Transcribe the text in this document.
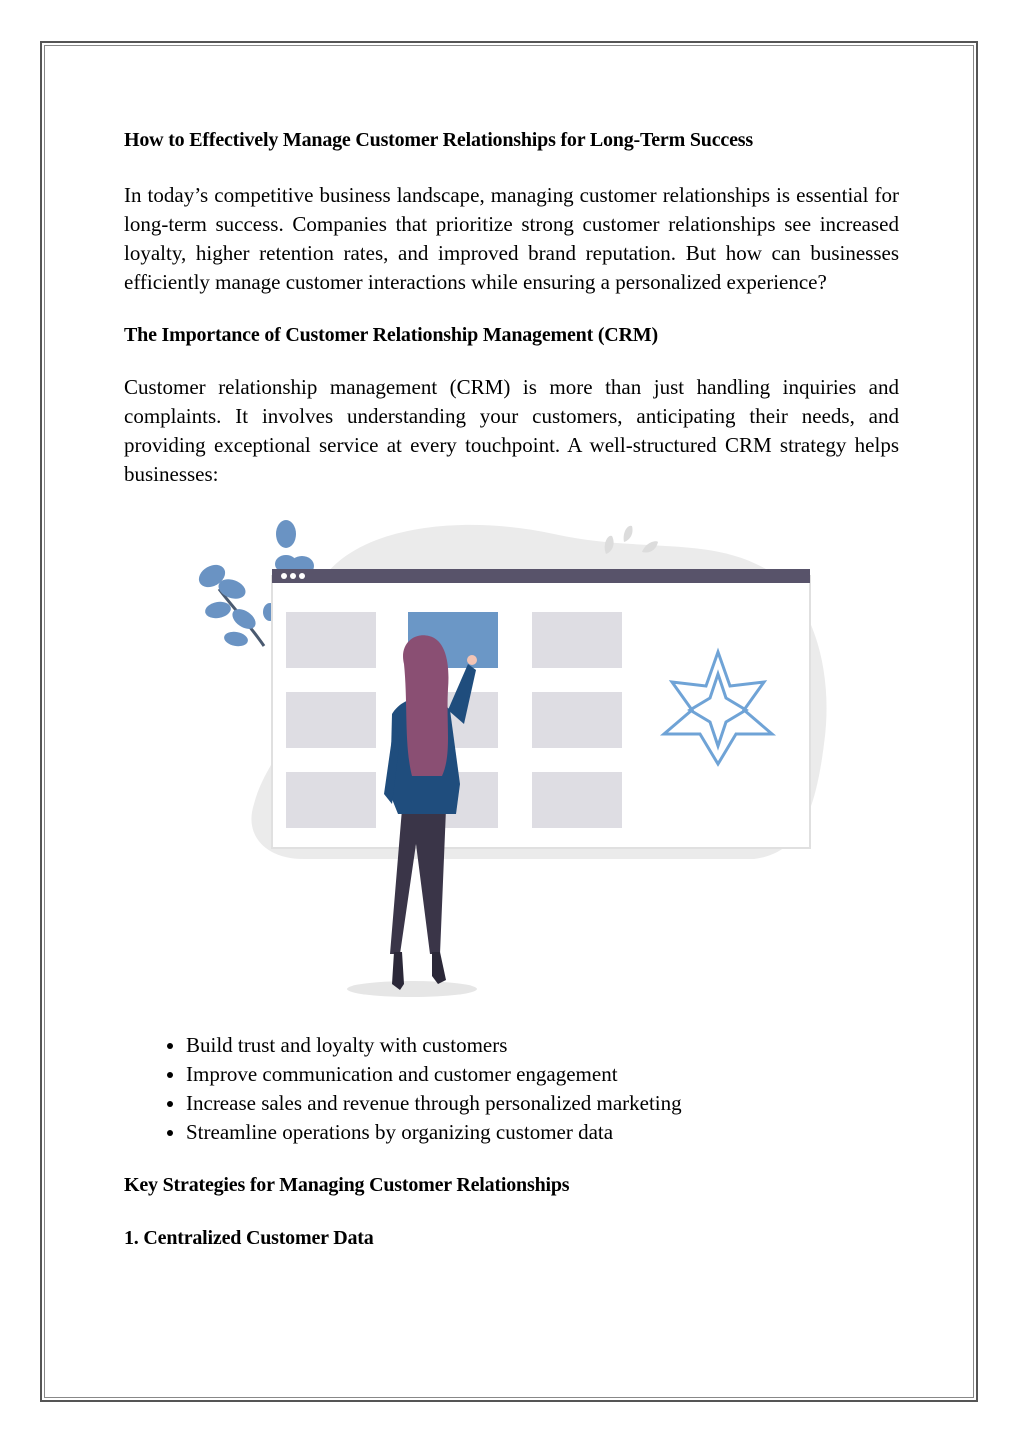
How to Effectively Manage Customer Relationships for Long-Term Success

In today’s competitive business landscape, managing customer relationships is essential for long-term success. Companies that prioritize strong customer relationships see increased loyalty, higher retention rates, and improved brand reputation. But how can businesses efficiently manage customer interactions while ensuring a personalized experience?

The Importance of Customer Relationship Management (CRM)

Customer relationship management (CRM) is more than just handling inquiries and complaints. It involves understanding your customers, anticipating their needs, and providing exceptional service at every touchpoint. A well-structured CRM strategy helps businesses:

• Build trust and loyalty with customers
• Improve communication and customer engagement
• Increase sales and revenue through personalized marketing
• Streamline operations by organizing customer data
Key Strategies for Managing Customer Relationships
1. Centralized Customer Data
